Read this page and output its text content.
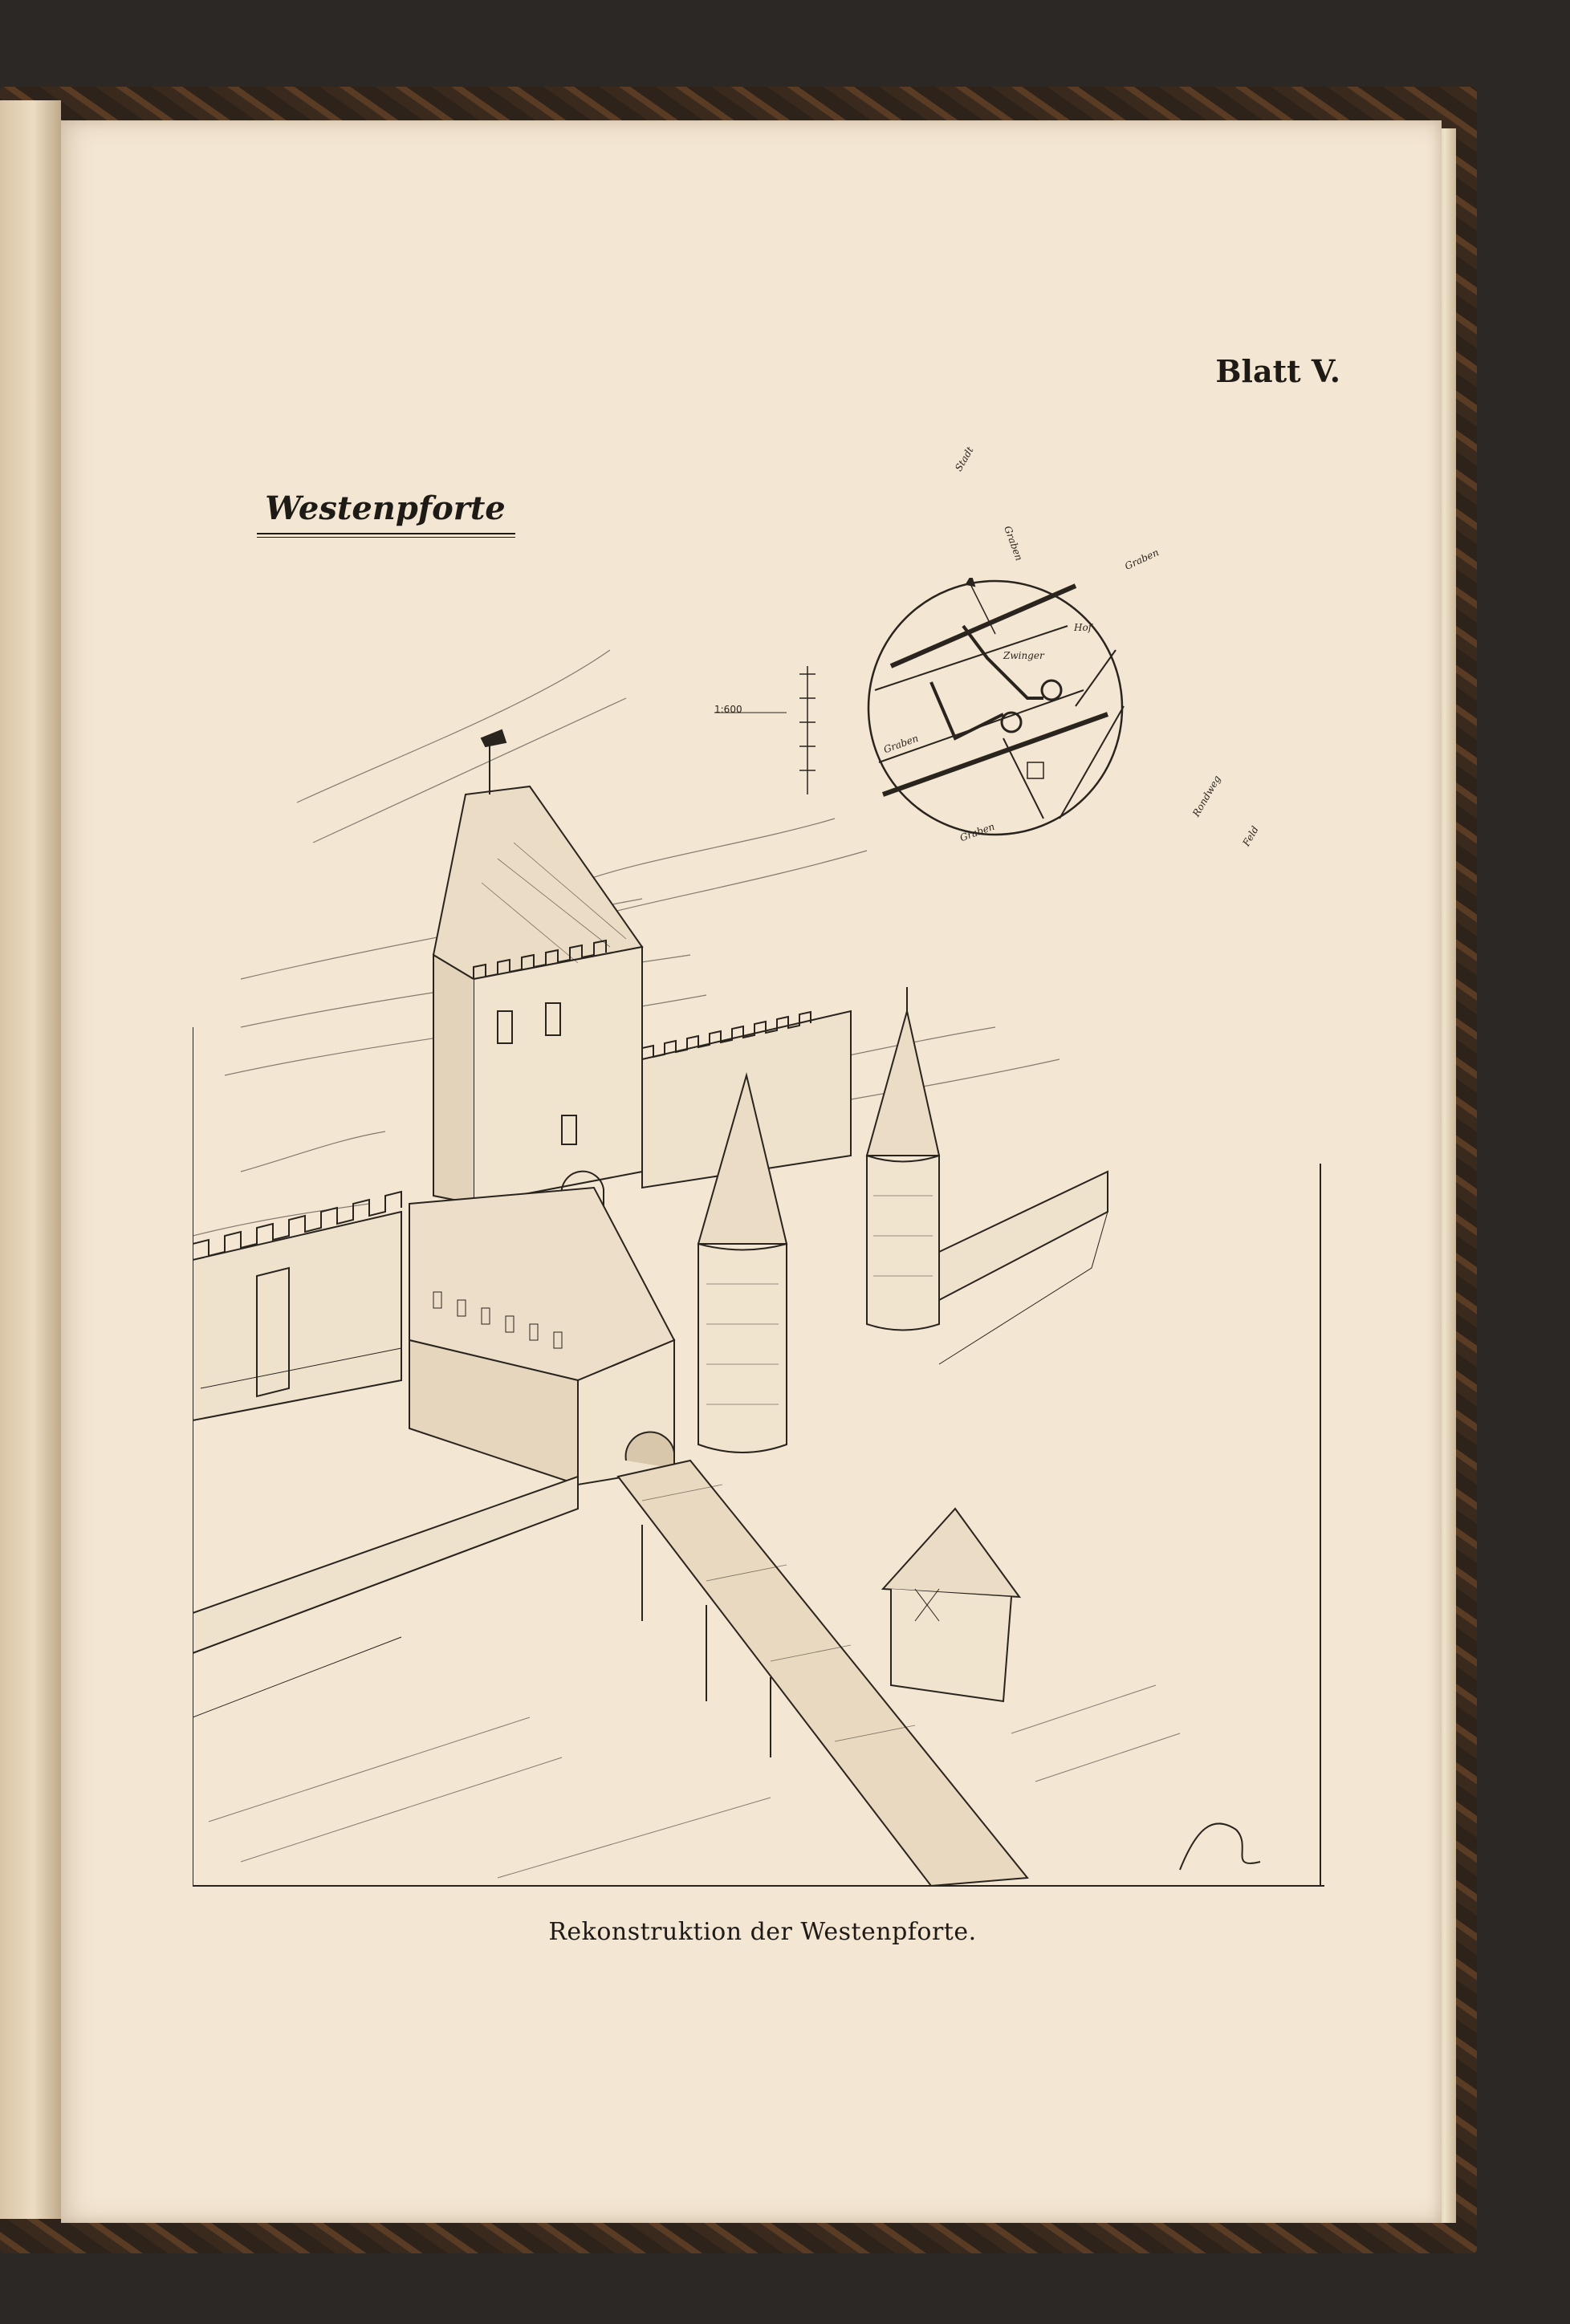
Blatt V.
Westenpforte
1:600
Stadt
Graben
Zwinger
Hof
Graben
Graben
Graben
Rondweg
Feld
Rekonstruktion der Westenpforte.
